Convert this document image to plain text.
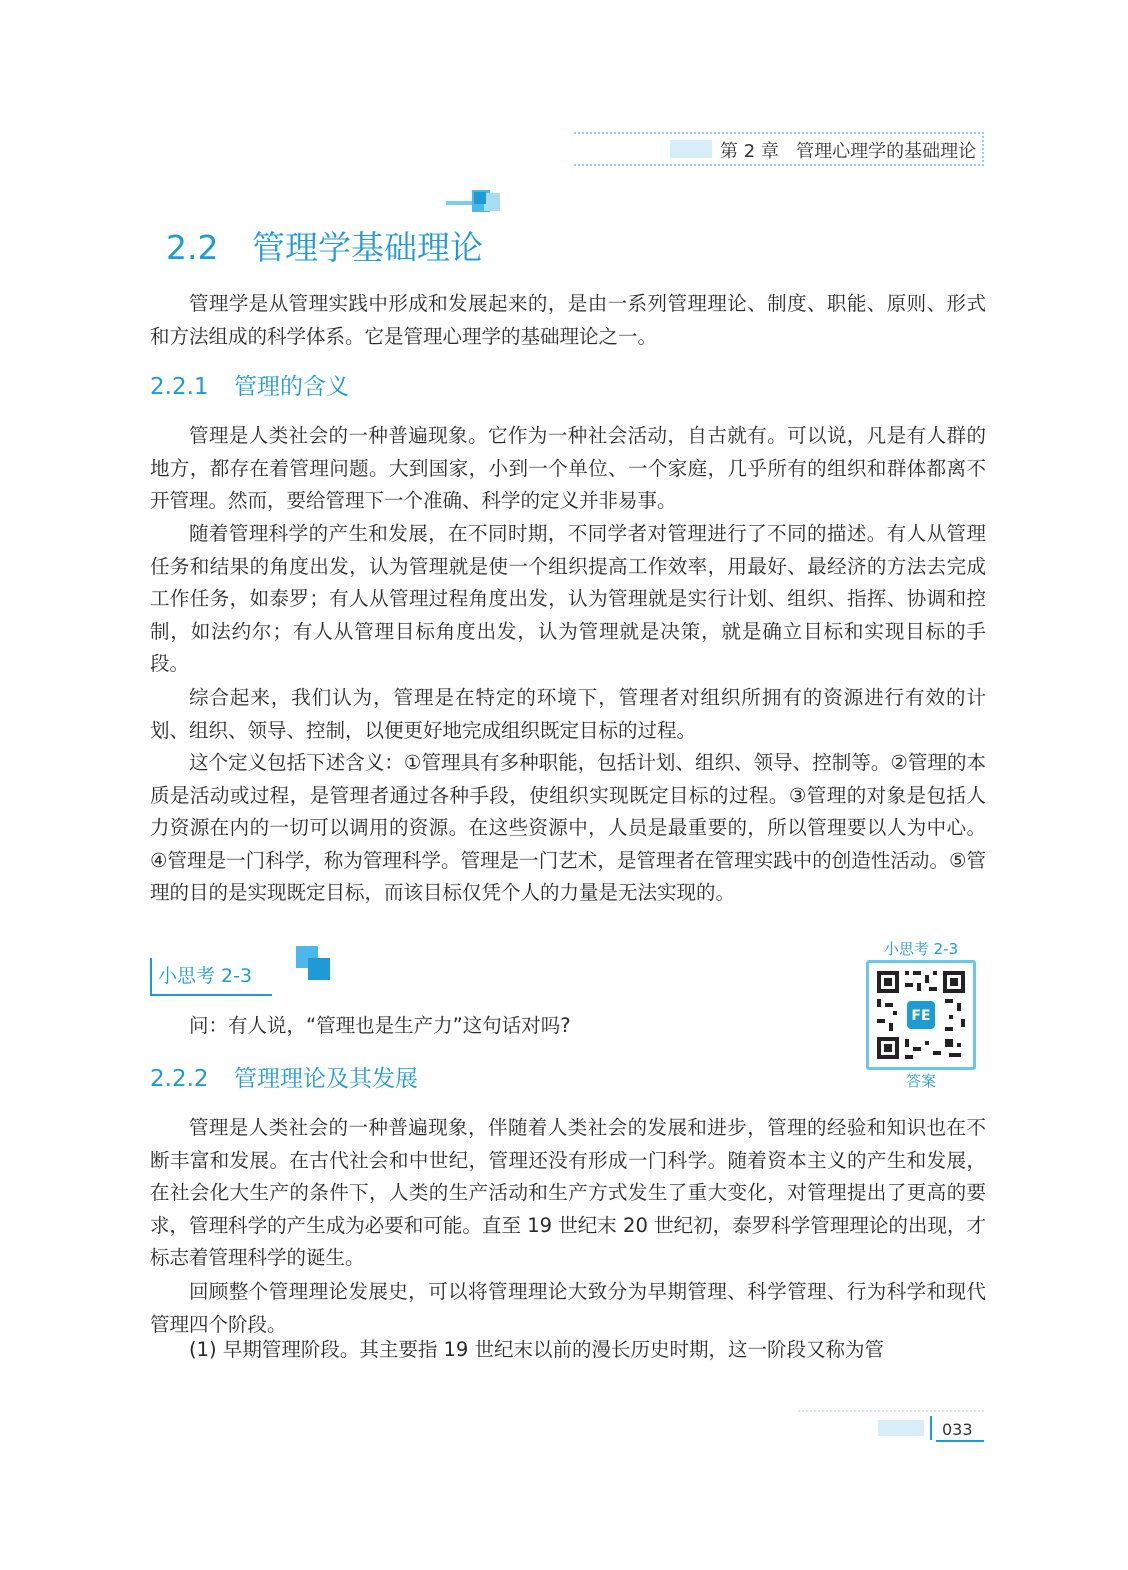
第 2 章 管理心理学的基础理论
2.2 管理学基础理论

管理学是从管理实践中形成和发展起来的，是由一系列管理理论、制度、职能、原则、形式和方法组成的科学体系。它是管理心理学的基础理论之一。

2.2.1 管理的含义

管理是人类社会的一种普遍现象。它作为一种社会活动，自古就有。可以说，凡是有人群的地方，都存在着管理问题。大到国家，小到一个单位、一个家庭，几乎所有的组织和群体都离不开管理。然而，要给管理下一个准确、科学的定义并非易事。

随着管理科学的产生和发展，在不同时期，不同学者对管理进行了不同的描述。有人从管理任务和结果的角度出发，认为管理就是使一个组织提高工作效率，用最好、最经济的方法去完成工作任务，如泰罗；有人从管理过程角度出发，认为管理就是实行计划、组织、指挥、协调和控制，如法约尔；有人从管理目标角度出发，认为管理就是决策，就是确立目标和实现目标的手段。

综合起来，我们认为，管理是在特定的环境下，管理者对组织所拥有的资源进行有效的计划、组织、领导、控制，以便更好地完成组织既定目标的过程。

这个定义包括下述含义：①管理具有多种职能，包括计划、组织、领导、控制等。②管理的本质是活动或过程，是管理者通过各种手段，使组织实现既定目标的过程。③管理的对象是包括人力资源在内的一切可以调用的资源。在这些资源中，人员是最重要的，所以管理要以人为中心。④管理是一门科学，称为管理科学。管理是一门艺术，是管理者在管理实践中的创造性活动。⑤管理的目的是实现既定目标，而该目标仅凭个人的力量是无法实现的。

小思考 2-3

问：有人说，“管理也是生产力”这句话对吗?

小思考 2-3
FE
答案
2.2.2 管理理论及其发展

管理是人类社会的一种普遍现象，伴随着人类社会的发展和进步，管理的经验和知识也在不断丰富和发展。在古代社会和中世纪，管理还没有形成一门科学。随着资本主义的产生和发展，在社会化大生产的条件下，人类的生产活动和生产方式发生了重大变化，对管理提出了更高的要求，管理科学的产生成为必要和可能。直至 19 世纪末 20 世纪初，泰罗科学管理理论的出现，才标志着管理科学的诞生。

回顾整个管理理论发展史，可以将管理理论大致分为早期管理、科学管理、行为科学和现代管理四个阶段。

(1) 早期管理阶段。其主要指 19 世纪末以前的漫长历史时期，这一阶段又称为管

033
